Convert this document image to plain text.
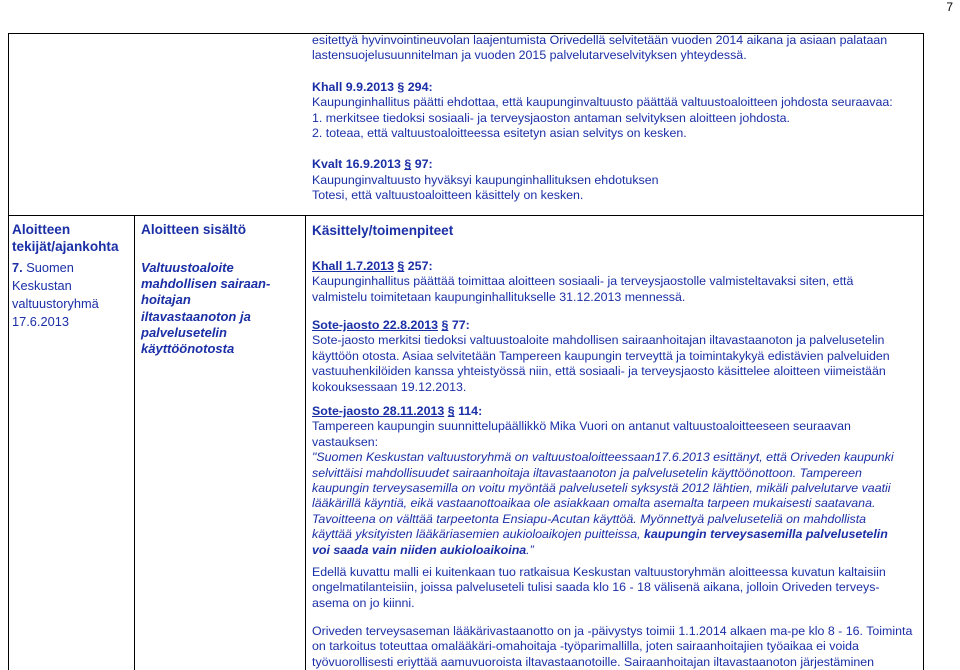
7
esitettyä hyvinvointineuvolan laajentumista Orivedellä selvitetään vuoden 2014 aikana ja asiaan palataan
lastensuojelusuunnitelman ja vuoden 2015 palvelutarveselvityksen yhteydessä.
Khall 9.9.2013 § 294:
Kaupunginhallitus päätti ehdottaa, että kaupunginvaltuusto päättää valtuustoaloitteen johdosta seuraavaa:
1. merkitsee tiedoksi sosiaali- ja terveysjaoston antaman selvityksen aloitteen johdosta.
2. toteaa, että valtuustoaloitteessa esitetyn asian selvitys on kesken.
Kvalt 16.9.2013 § 97:
Kaupunginvaltuusto hyväksyi kaupunginhallituksen ehdotuksen
Totesi, että valtuustoaloitteen käsittely on kesken.
Aloitteen
tekijät/ajankohta
Aloitteen sisältö	Käsittely/toimenpiteet
7. Suomen
Keskustan
valtuustoryhmä
17.6.2013
Valtuustoaloite
mahdollisen sairaan-
hoitajan
iltavastaanoton ja
palvelusetelin
käyttöönotosta
Khall 1.7.2013 § 257:
Kaupunginhallitus päättää toimittaa aloitteen sosiaali- ja terveysjaostolle valmisteltavaksi siten, että
valmistelu toimitetaan kaupunginhallitukselle 31.12.2013 mennessä.
Sote-jaosto 22.8.2013 § 77:
Sote-jaosto merkitsi tiedoksi valtuustoaloite mahdollisen sairaanhoitajan iltavastaanoton ja palvelusetelin
käyttöön otosta. Asiaa selvitetään Tampereen kaupungin terveyttä ja toimintakykyä edistävien palveluiden
vastuuhenkilöiden kanssa yhteistyössä niin, että sosiaali- ja terveysjaosto käsittelee aloitteen viimeistään
kokouksessaan 19.12.2013.
Sote-jaosto 28.11.2013 § 114:
Tampereen kaupungin suunnittelupäällikkö Mika Vuori on antanut valtuustoaloitteeseen seuraavan
vastauksen:
"Suomen Keskustan valtuustoryhmä on valtuustoaloitteessaan17.6.2013 esittänyt, että Oriveden kaupunki
selvittäisi mahdollisuudet sairaanhoitaja iltavastaanoton ja palvelusetelin käyttöönottoon. Tampereen
kaupungin terveysasemilla on voitu myöntää palveluseteli syksystä 2012 lähtien, mikäli palvelutarve vaatii
lääkärillä käyntiä, eikä vastaanottoaikaa ole asiakkaan omalta asemalta tarpeen mukaisesti saatavana.
Tavoitteena on välttää tarpeetonta Ensiapu-Acutan käyttöä. Myönnettyä palveluseteliä on mahdollista
käyttää yksityisten lääkäriasemien aukioloaikojen puitteissa, kaupungin terveysasemilla palvelusetelin
voi saada vain niiden aukioloaikoina.”
Edellä kuvattu malli ei kuitenkaan tuo ratkaisua Keskustan valtuustoryhmän aloitteessa kuvatun kaltaisiin
ongelmatilanteisiin, joissa palveluseteli tulisi saada klo 16 - 18 välisenä aikana, jolloin Oriveden terveys-
asema on jo kiinni.
Oriveden terveysaseman lääkärivastaanotto on ja -päivystys toimii 1.1.2014 alkaen ma-pe klo 8 - 16. Toiminta
on tarkoitus toteuttaa omalääkäri-omahoitaja -työparimallilla, joten sairaanhoitajien työaikaa ei voida
työvuorollisesti eriyttää aamuvuoroista iltavastaanotoille. Sairaanhoitajan iltavastaanoton järjestäminen
